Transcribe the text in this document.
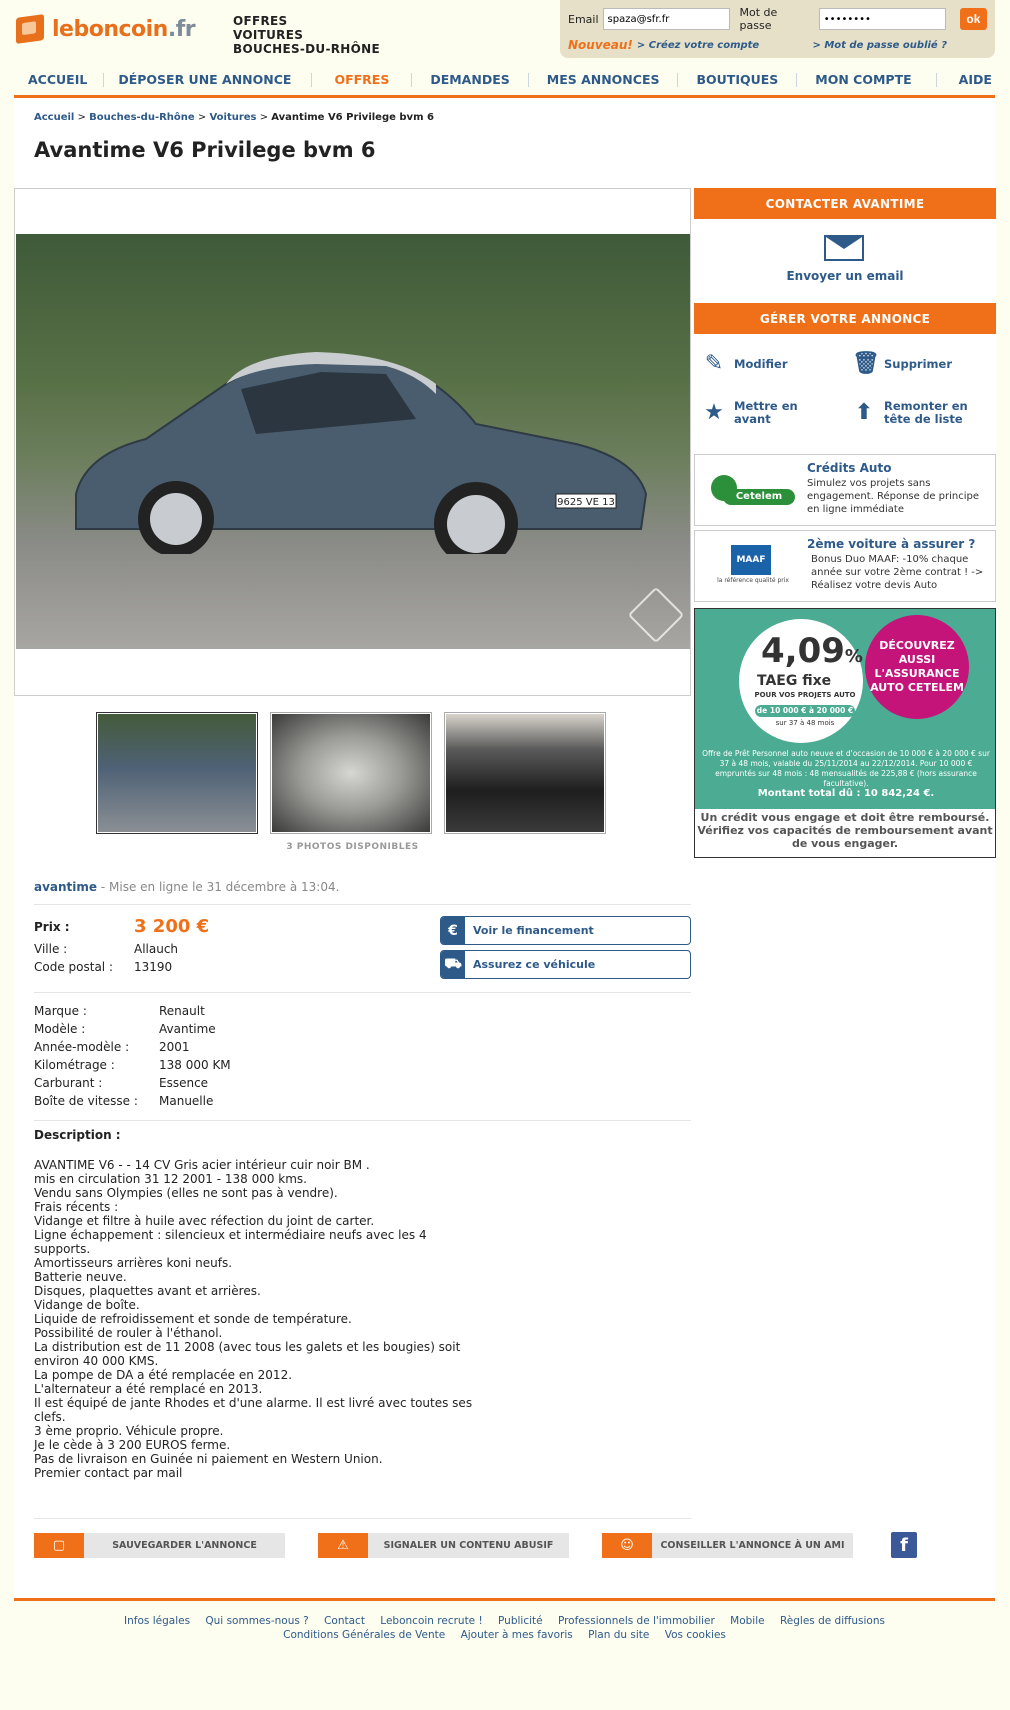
leboncoin.fr	OFFRES
VOITURES
BOUCHES-DU-RHÔNE
Email
spaza@sfr.fr	Mot de passe
••••••••	ok
Nouveau! > Créez votre compte	> Mot de passe oublié ?
ACCUEIL	DÉPOSER UNE ANNONCE	OFFRES	DEMANDES	MES ANNONCES	BOUTIQUES	MON COMPTE	AIDE
Accueil > Bouches-du-Rhône > Voitures > Avantime V6 Privilege bvm 6
Avantime V6 Privilege bvm 6
9625 VE 13
3 PHOTOS DISPONIBLES
avantime - Mise en ligne le 31 décembre à 13:04.
Prix :	3 200 €
Ville :	Allauch
Code postal : 13190
€	Voir le financement
⛟ Assurez ce véhicule
Marque :	Renault
Modèle :	Avantime
Année-modèle :	2001
Kilométrage :	138 000 KM
Carburant :	Essence
Boîte de vitesse :	Manuelle
Description :
AVANTIME V6 - - 14 CV Gris acier intérieur cuir noir BM .
mis en circulation 31 12 2001 - 138 000 kms.
Vendu sans Olympies (elles ne sont pas à vendre).
Frais récents :
Vidange et filtre à huile avec réfection du joint de carter.
Ligne échappement : silencieux et intermédiaire neufs avec les 4 supports.
Amortisseurs arrières koni neufs.
Batterie neuve.
Disques, plaquettes avant et arrières.
Vidange de boîte.
Liquide de refroidissement et sonde de température.
Possibilité de rouler à l'éthanol.
La distribution est de 11 2008 (avec tous les galets et les bougies) soit environ 40 000 KMS.
La pompe de DA a été remplacée en 2012.
L'alternateur a été remplacé en 2013.
Il est équipé de jante Rhodes et d'une alarme. Il est livré avec toutes ses clefs.
3 ème proprio. Véhicule propre.
Je le cède à 3 200 EUROS ferme.
Pas de livraison en Guinée ni paiement en Western Union.
Premier contact par mail
▢	SAUVEGARDER L'ANNONCE	⚠	SIGNALER UN CONTENU ABUSIF	☺	CONSEILLER L'ANNONCE À UN AMI	f
CONTACTER AVANTIME
Envoyer un email
GÉRER VOTRE ANNONCE
✎ Modifier	🗑 Supprimer
★ Mettre en avant	⬆ Remonter en tête de liste
Cetelem
Crédits Auto
Simulez vos projets sans engagement. Réponse de principe en ligne immédiate
MAAF
la référence qualité prix
2ème voiture à assurer ?
Bonus Duo MAAF: -10% chaque année sur votre 2ème contrat ! -> Réalisez votre devis Auto
4,09%
TAEG fixe
POUR VOS PROJETS AUTO
de 10 000 € à 20 000 €
sur 37 à 48 mois
DÉCOUVREZ AUSSI L'ASSURANCE AUTO CETELEM
Offre de Prêt Personnel auto neuve et d'occasion de 10 000 € à 20 000 € sur 37 à 48 mois, valable du 25/11/2014 au 22/12/2014. Pour 10 000 € empruntés sur 48 mois : 48 mensualités de 225,88 € (hors assurance facultative).
Montant total dû : 10 842,24 €.
Un crédit vous engage et doit être remboursé. Vérifiez vos capacités de remboursement avant de vous engager.
Infos légales Qui sommes-nous ? Contact Leboncoin recrute ! Publicité Professionnels de l'immobilier Mobile Règles de diffusions
Conditions Générales de Vente Ajouter à mes favoris Plan du site Vos cookies
